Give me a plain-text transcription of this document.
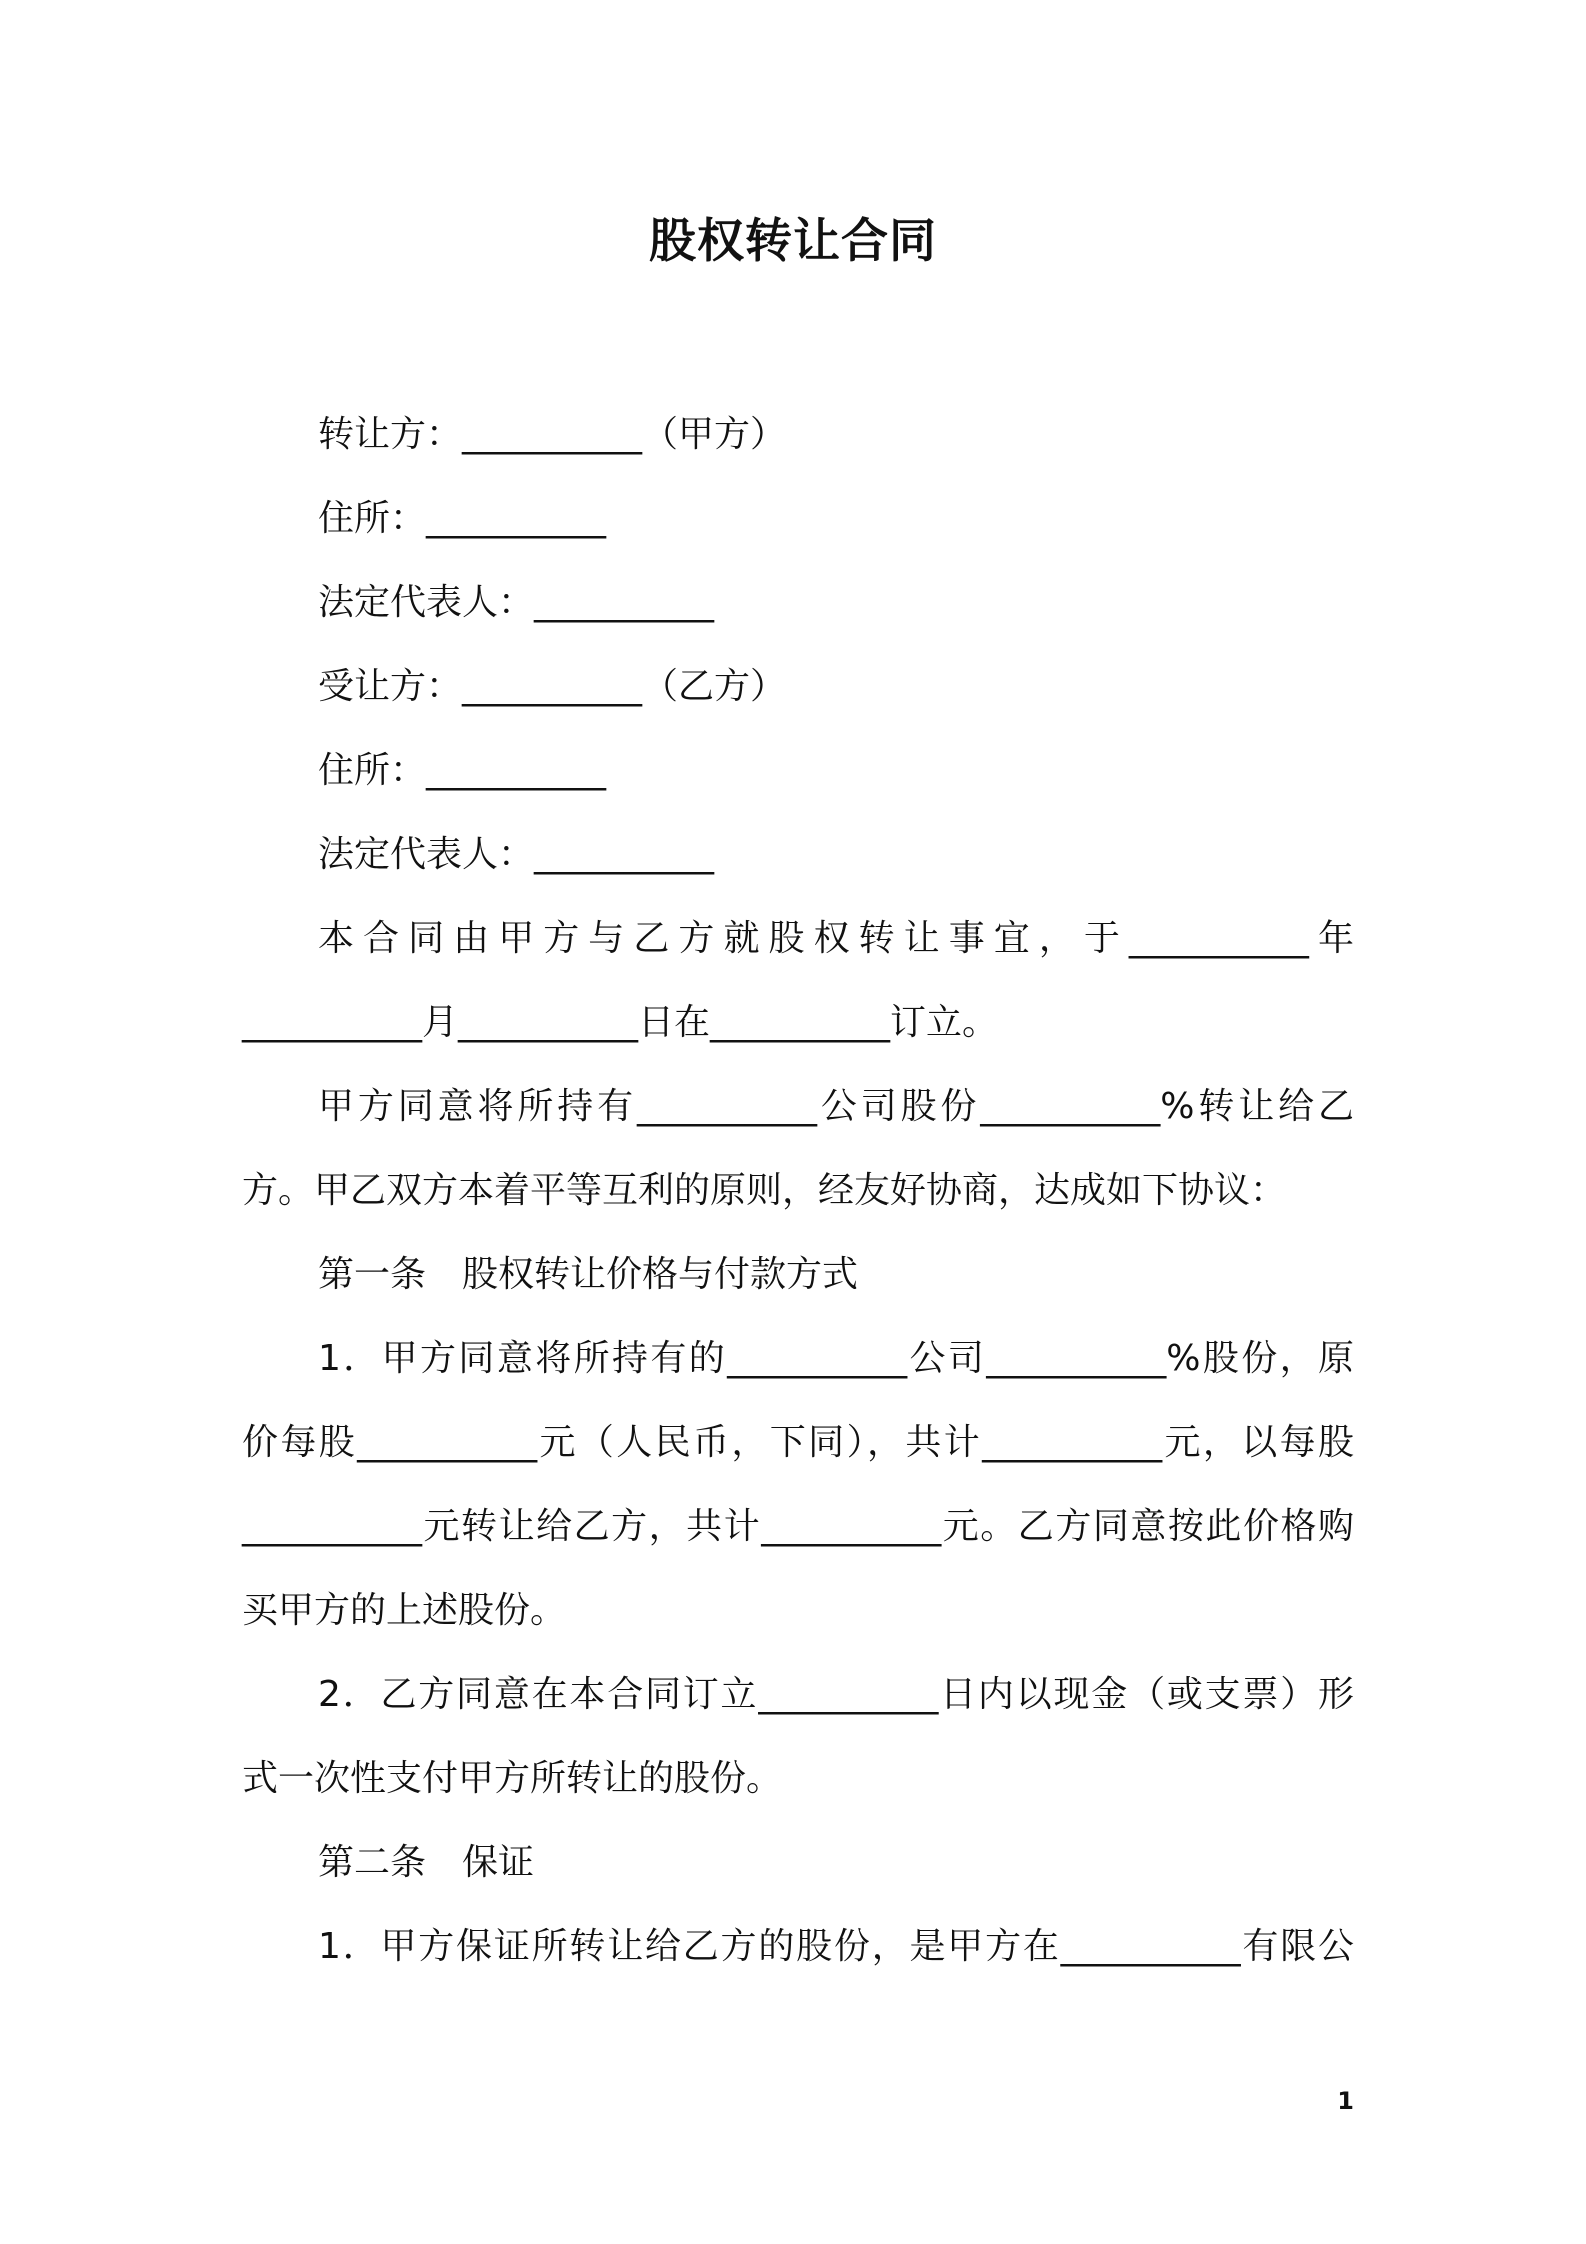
股权转让合同
转让方：__________（甲方）
住所：__________
法定代表人：__________
受让方：__________（乙方）
住所：__________
法定代表人：__________
本合同由甲方与乙方就股权转让事宜，于__________年
__________月__________日在__________订立。
甲方同意将所持有__________公司股份__________%转让给乙
方。甲乙双方本着平等互利的原则，经友好协商，达成如下协议：
第一条　股权转让价格与付款方式
1．甲方同意将所持有的__________公司__________%股份，原
价每股__________元（人民币，下同），共计__________元，以每股
__________元转让给乙方，共计__________元。乙方同意按此价格购
买甲方的上述股份。
2．乙方同意在本合同订立__________日内以现金（或支票）形
式一次性支付甲方所转让的股份。
第二条　保证
1．甲方保证所转让给乙方的股份，是甲方在__________有限公
1
